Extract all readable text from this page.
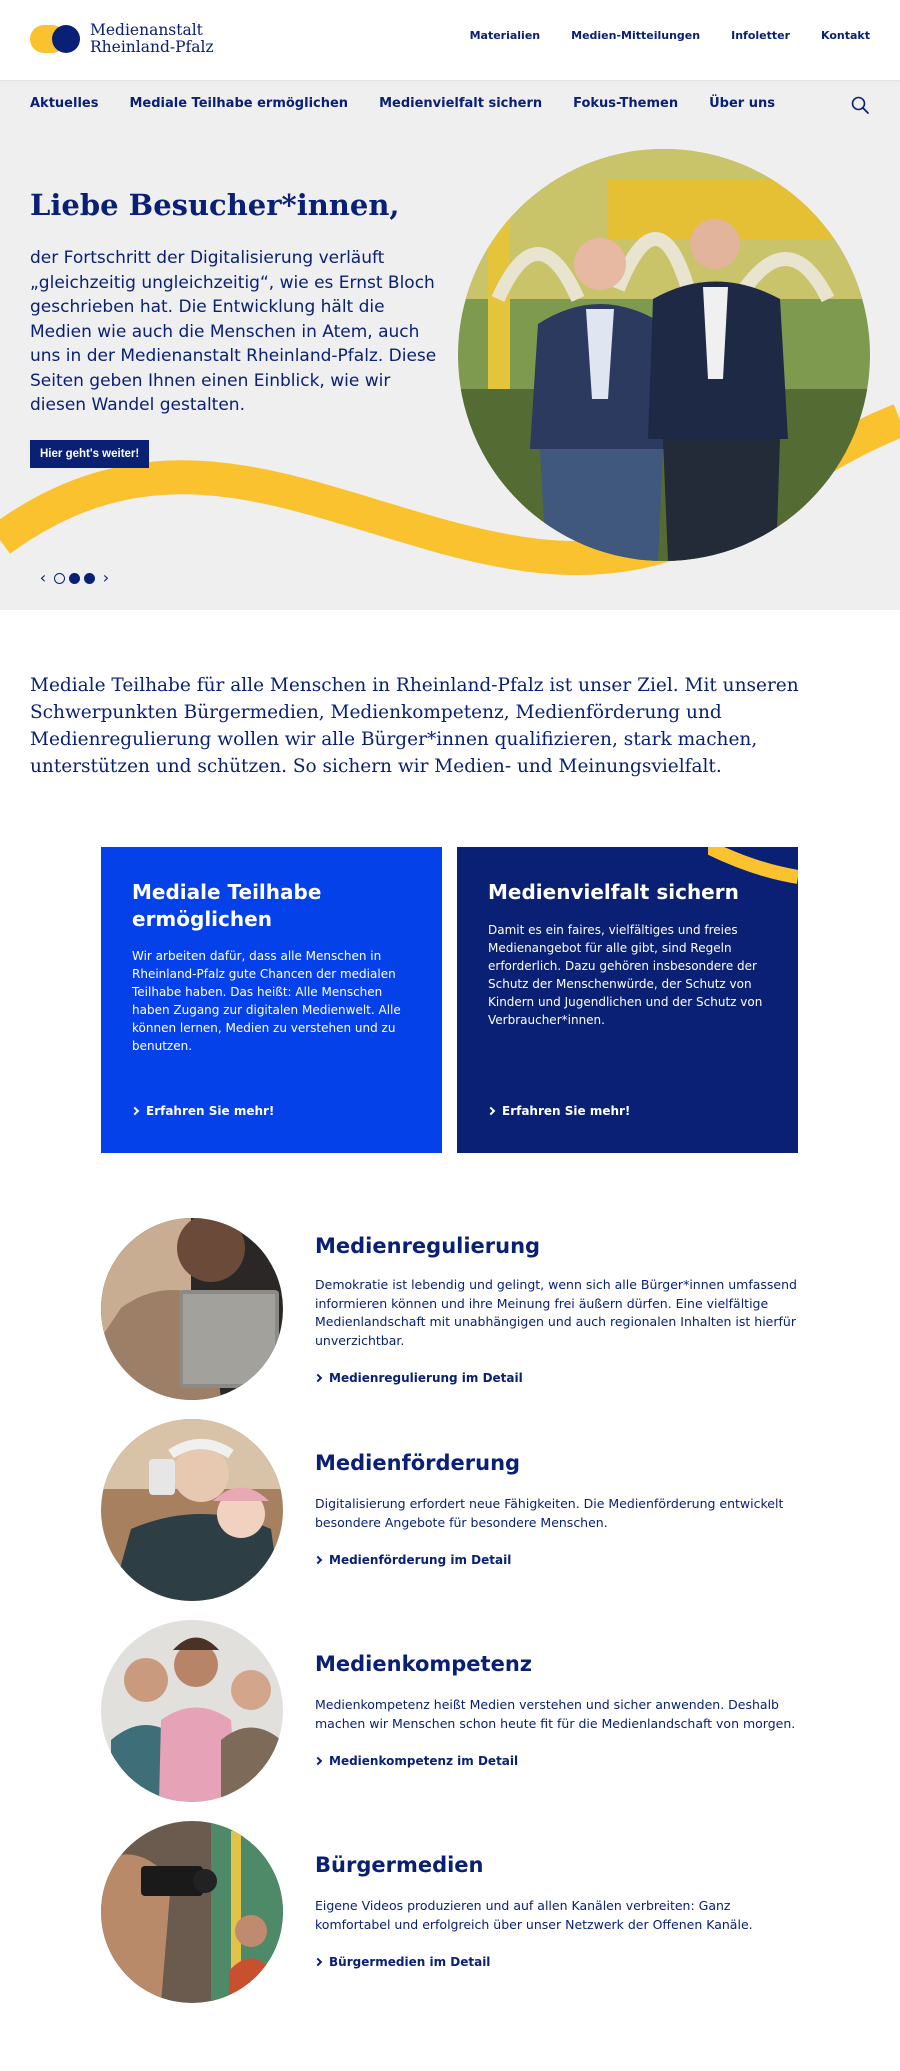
Medienanstalt
Rheinland-Pfalz
Materialien	Medien-Mitteilungen	Infoletter	Kontakt
Aktuelles Mediale Teilhabe ermöglichen Medienvielfalt sichern Fokus-Themen Über uns
Liebe Besucher*innen,

der Fortschritt der Digitalisierung verläuft „gleichzeitig ungleichzeitig“, wie es Ernst Bloch geschrieben hat. Die Entwicklung hält die Medien wie auch die Menschen in Atem, auch uns in der Medienanstalt Rheinland-Pfalz. Diese Seiten geben Ihnen einen Einblick, wie wir diesen Wandel gestalten.

Hier geht's weiter!
‹	›

Mediale Teilhabe für alle Menschen in Rheinland-Pfalz ist unser Ziel. Mit unseren Schwerpunkten Bürgermedien, Medienkompetenz, Medienförderung und Medienregulierung wollen wir alle Bürger*innen qualifizieren, stark machen, unterstützen und schützen. So sichern wir Medien- und Meinungsvielfalt.

Mediale Teilhabe ermöglichen

Wir arbeiten dafür, dass alle Menschen in Rheinland-Pfalz gute Chancen der medialen Teilhabe haben. Das heißt: Alle Menschen haben Zugang zur digitalen Medienwelt. Alle können lernen, Medien zu verstehen und zu benutzen.

Erfahren Sie mehr!
Medienvielfalt sichern

Damit es ein faires, vielfältiges und freies Medienangebot für alle gibt, sind Regeln erforderlich. Dazu gehören insbesondere der Schutz der Menschenwürde, der Schutz von Kindern und Jugendlichen und der Schutz von Verbraucher*innen.

Erfahren Sie mehr!
Medienregulierung

Demokratie ist lebendig und gelingt, wenn sich alle Bürger*innen umfassend informieren können und ihre Meinung frei äußern dürfen. Eine vielfältige Medienlandschaft mit unabhängigen und auch regionalen Inhalten ist hierfür unverzichtbar.

Medienregulierung im Detail
Medienförderung

Digitalisierung erfordert neue Fähigkeiten. Die Medienförderung entwickelt besondere Angebote für besondere Menschen.

Medienförderung im Detail
Medienkompetenz

Medienkompetenz heißt Medien verstehen und sicher anwenden. Deshalb machen wir Menschen schon heute fit für die Medienlandschaft von morgen.

Medienkompetenz im Detail
Bürgermedien

Eigene Videos produzieren und auf allen Kanälen verbreiten: Ganz komfortabel und erfolgreich über unser Netzwerk der Offenen Kanäle.

Bürgermedien im Detail
